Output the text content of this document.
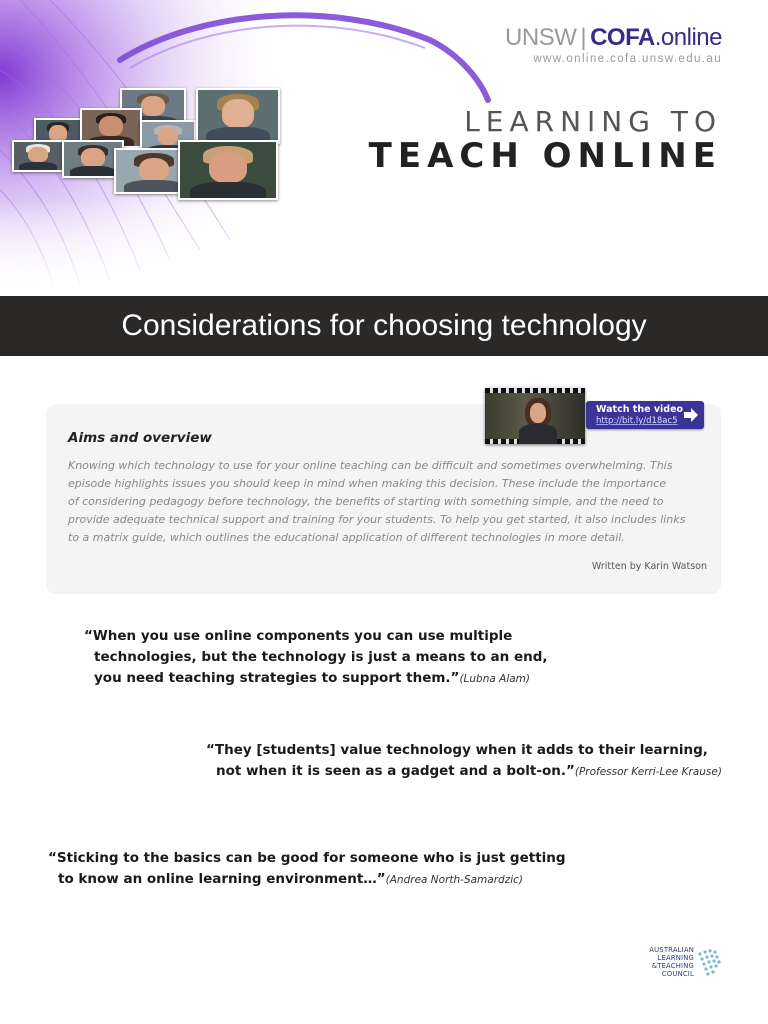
UNSW | COFA.online
www.online.cofa.unsw.edu.au
LEARNING TO
TEACH ONLINE
Considerations for choosing technology
Aims and overview

Knowing which technology to use for your online teaching can be difficult and sometimes overwhelming. This
episode highlights issues you should keep in mind when making this decision. These include the importance
of considering pedagogy before technology, the benefits of starting with something simple, and the need to
provide adequate technical support and training for your students. To help you get started, it also includes links
to a matrix guide, which outlines the educational application of different technologies in more detail.

Written by Karin Watson
Watch the video
http://bit.ly/d18ac5
“When you use online components you can use multiple
technologies, but the technology is just a means to an end,
you need teaching strategies to support them.”(Lubna Alam)
“They [students] value technology when it adds to their learning,
not when it is seen as a gadget and a bolt-on.”(Professor Kerri-Lee Krause)
“Sticking to the basics can be good for someone who is just getting
to know an online learning environment…”(Andrea North-Samardzic)
AUSTRALIAN
LEARNING
&TEACHING
COUNCIL
